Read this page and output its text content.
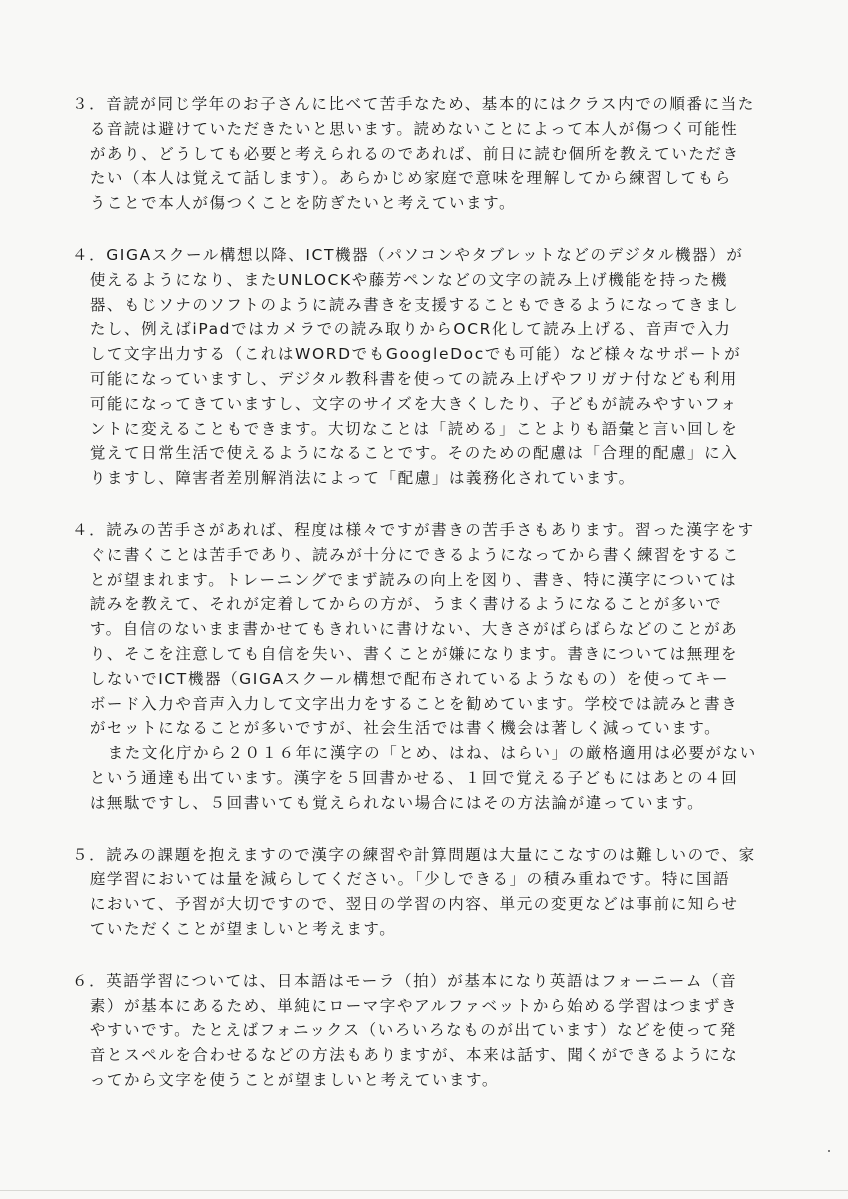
３．音読が同じ学年のお子さんに比べて苦手なため、基本的にはクラス内での順番に当た
る音読は避けていただきたいと思います。読めないことによって本人が傷つく可能性
があり、どうしても必要と考えられるのであれば、前日に読む個所を教えていただき
たい（本人は覚えて話します）。あらかじめ家庭で意味を理解してから練習してもら
うことで本人が傷つくことを防ぎたいと考えています。
４．GIGAスクール構想以降、ICT機器（パソコンやタブレットなどのデジタル機器）が
使えるようになり、またUNLOCKや藤芳ペンなどの文字の読み上げ機能を持った機
器、もじソナのソフトのように読み書きを支援することもできるようになってきまし
たし、例えばiPadではカメラでの読み取りからOCR化して読み上げる、音声で入力
して文字出力する（これはWORDでもGoogleDocでも可能）など様々なサポートが
可能になっていますし、デジタル教科書を使っての読み上げやフリガナ付なども利用
可能になってきていますし、文字のサイズを大きくしたり、子どもが読みやすいフォ
ントに変えることもできます。大切なことは「読める」ことよりも語彙と言い回しを
覚えて日常生活で使えるようになることです。そのための配慮は「合理的配慮」に入
りますし、障害者差別解消法によって「配慮」は義務化されています。
４．読みの苦手さがあれば、程度は様々ですが書きの苦手さもあります。習った漢字をす
ぐに書くことは苦手であり、読みが十分にできるようになってから書く練習をするこ
とが望まれます。トレーニングでまず読みの向上を図り、書き、特に漢字については
読みを教えて、それが定着してからの方が、うまく書けるようになることが多いで
す。自信のないまま書かせてもきれいに書けない、大きさがばらばらなどのことがあ
り、そこを注意しても自信を失い、書くことが嫌になります。書きについては無理を
しないでICT機器（GIGAスクール構想で配布されているようなもの）を使ってキー
ボード入力や音声入力して文字出力をすることを勧めています。学校では読みと書き
がセットになることが多いですが、社会生活では書く機会は著しく減っています。
また文化庁から２０１６年に漢字の「とめ、はね、はらい」の厳格適用は必要がない
という通達も出ています。漢字を５回書かせる、１回で覚える子どもにはあとの４回
は無駄ですし、５回書いても覚えられない場合にはその方法論が違っています。
５．読みの課題を抱えますので漢字の練習や計算問題は大量にこなすのは難しいので、家
庭学習においては量を減らしてください。「少しできる」の積み重ねです。特に国語
において、予習が大切ですので、翌日の学習の内容、単元の変更などは事前に知らせ
ていただくことが望ましいと考えます。
６．英語学習については、日本語はモーラ（拍）が基本になり英語はフォーニーム（音
素）が基本にあるため、単純にローマ字やアルファベットから始める学習はつまずき
やすいです。たとえばフォニックス（いろいろなものが出ています）などを使って発
音とスペルを合わせるなどの方法もありますが、本来は話す、聞くができるようにな
ってから文字を使うことが望ましいと考えています。
